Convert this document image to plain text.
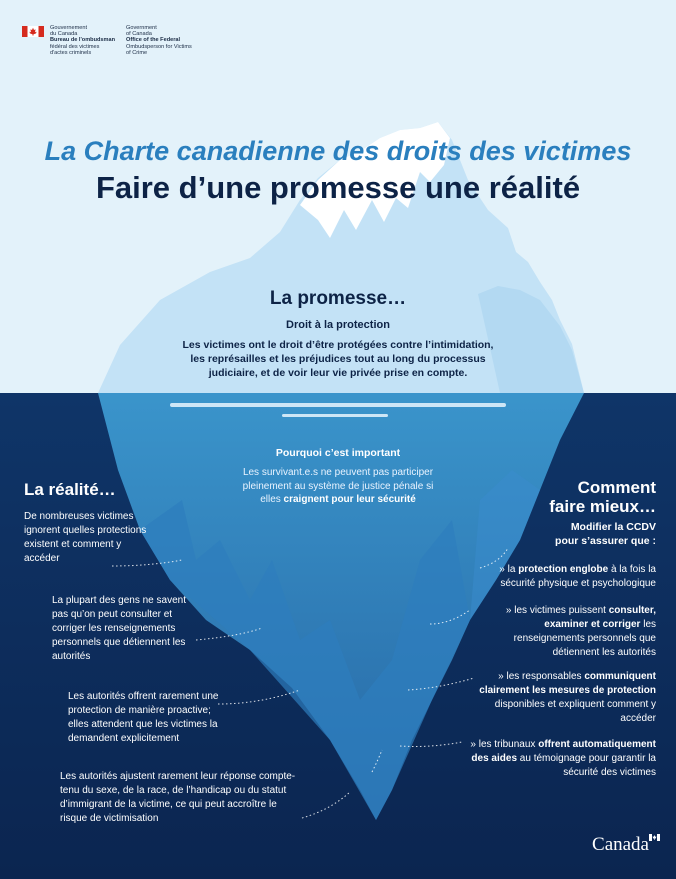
Gouvernement
du Canada
Bureau de l'ombudsman
fédéral des victimes
d'actes criminels
Government
of Canada
Office of the Federal
Ombudsperson for Victims
of Crime
La Charte canadienne des droits des victimes
Faire d’une promesse une réalité
La promesse…
Droit à la protection
Les victimes ont le droit d’être protégées contre l’intimidation, les représailles et les préjudices tout au long du processus judiciaire, et de voir leur vie privée prise en compte.
Pourquoi c’est important
Les survivant.e.s ne peuvent pas participer pleinement au système de justice pénale si elles craignent pour leur sécurité
La réalité…
De nombreuses victimes ignorent quelles protections existent et comment y accéder
La plupart des gens ne savent pas qu’on peut consulter et corriger les renseignements personnels que détiennent les autorités
Les autorités offrent rarement une protection de manière proactive; elles attendent que les victimes la demandent explicitement
Les autorités ajustent rarement leur réponse compte-tenu du sexe, de la race, de l’handicap ou du statut d’immigrant de la victime, ce qui peut accroître le risque de victimisation
Comment
faire mieux…
Modifier la CCDV
pour s’assurer que :
» la protection englobe à la fois la sécurité physique et psychologique
» les victimes puissent consulter, examiner et corriger les renseignements personnels que détiennent les autorités
» les responsables communiquent clairement les mesures de protection disponibles et expliquent comment y accéder
» les tribunaux offrent automatiquement des aides au témoignage pour garantir la sécurité des victimes
Canada
